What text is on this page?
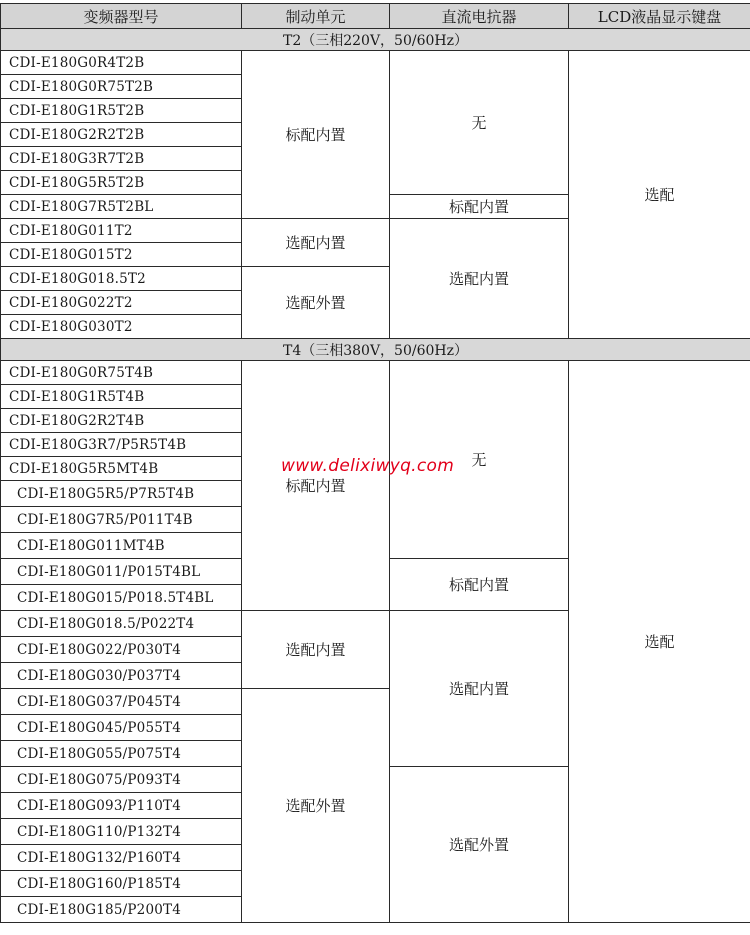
变频器型号	制动单元	直流电抗器	LCD液晶显示键盘
T2（三相220V，50/60Hz）			
CDI-E180G0R4T2B	标配内置	无	选配
CDI-E180G0R75T2B			
CDI-E180G1R5T2B			
CDI-E180G2R2T2B			
CDI-E180G3R7T2B			
CDI-E180G5R5T2B			
CDI-E180G7R5T2BL		标配内置	
CDI-E180G011T2	选配内置	选配内置	
CDI-E180G015T2			
CDI-E180G018.5T2	选配外置		
CDI-E180G022T2			
CDI-E180G030T2			
T4（三相380V，50/60Hz）			
CDI-E180G0R75T4B	标配内置	无	选配
CDI-E180G1R5T4B			
CDI-E180G2R2T4B			
CDI-E180G3R7/P5R5T4B			
CDI-E180G5R5MT4B			
CDI-E180G5R5/P7R5T4B			
CDI-E180G7R5/P011T4B			
CDI-E180G011MT4B			
CDI-E180G011/P015T4BL		标配内置	
CDI-E180G015/P018.5T4BL			
CDI-E180G018.5/P022T4	选配内置	选配内置	
CDI-E180G022/P030T4			
CDI-E180G030/P037T4			
CDI-E180G037/P045T4	选配外置		
CDI-E180G045/P055T4			
CDI-E180G055/P075T4			
CDI-E180G075/P093T4		选配外置	
CDI-E180G093/P110T4			
CDI-E180G110/P132T4			
CDI-E180G132/P160T4			
CDI-E180G160/P185T4			
CDI-E180G185/P200T4			
www.delixiwyq.com
